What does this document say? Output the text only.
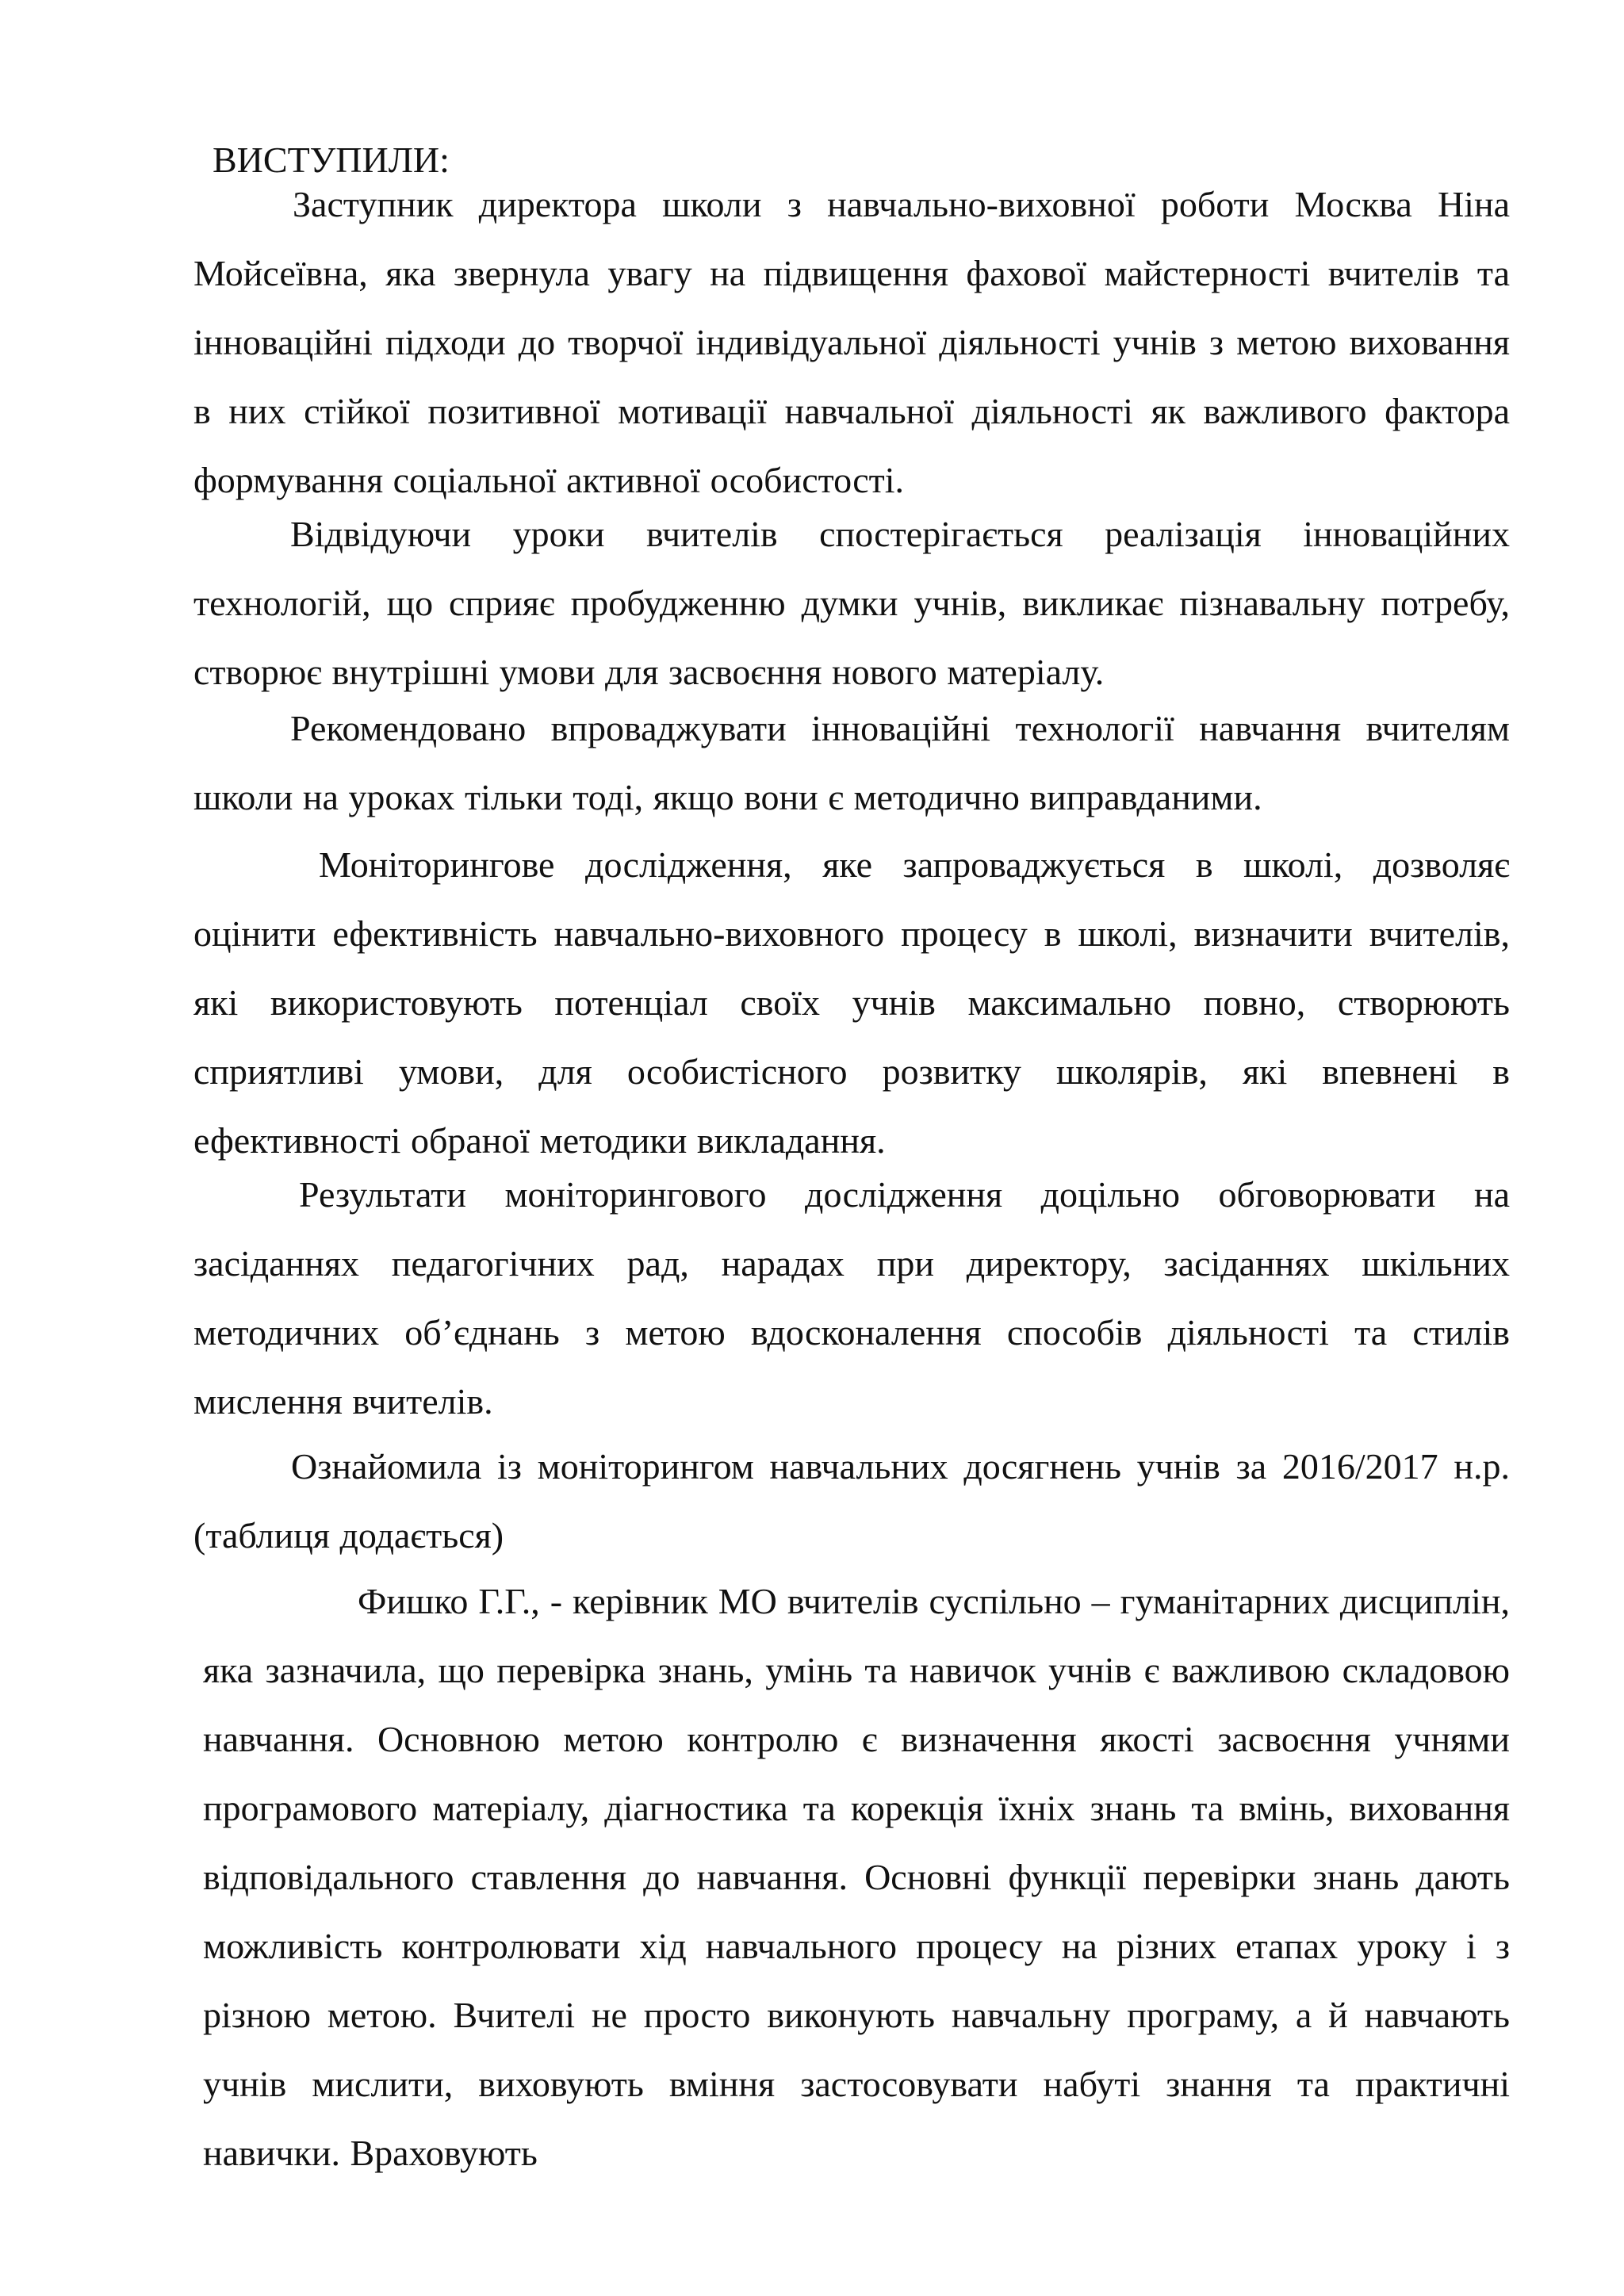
ВИСТУПИЛИ:

Заступник директора школи з навчально-виховної роботи Москва Ніна Мойсеївна, яка звернула увагу на підвищення фахової майстерності вчителів та інноваційні підходи до творчої індивідуальної діяльності учнів з метою виховання в них стійкої позитивної мотивації навчальної діяльності як важливого фактора формування соціальної активної особистості.

Відвідуючи уроки вчителів спостерігається реалізація інноваційних технологій, що сприяє пробудженню думки учнів, викликає пізнавальну потребу, створює внутрішні умови для засвоєння нового матеріалу.

Рекомендовано впроваджувати інноваційні технології навчання вчителям школи на уроках тільки тоді, якщо вони є методично виправданими.

Моніторингове дослідження, яке запроваджується в школі, дозволяє оцінити ефективність навчально-виховного процесу в школі, визначити вчителів, які використовують потенціал своїх учнів максимально повно, створюють сприятливі умови, для особистісного розвитку школярів, які впевнені в ефективності обраної методики викладання.

Результати моніторингового дослідження доцільно обговорювати на засіданнях педагогічних рад, нарадах при директору, засіданнях шкільних методичних об’єднань з метою вдосконалення способів діяльності та стилів мислення вчителів.

Ознайомила із моніторингом навчальних досягнень учнів за 2016/2017 н.р. (таблиця додається)

Фишко Г.Г., - керівник МО вчителів суспільно – гуманітарних дисциплін, яка зазначила, що перевірка знань, умінь та навичок учнів є важливою складовою навчання. Основною метою контролю є визначення якості засвоєння учнями програмового матеріалу, діагностика та корекція їхніх знань та вмінь, виховання відповідального ставлення до навчання. Основні функції перевірки знань дають можливість контролювати хід навчального процесу на різних етапах уроку і з різною метою. Вчителі не просто виконують навчальну програму, а й навчають учнів мислити, виховують вміння застосовувати набуті знання та практичні навички. Враховують
